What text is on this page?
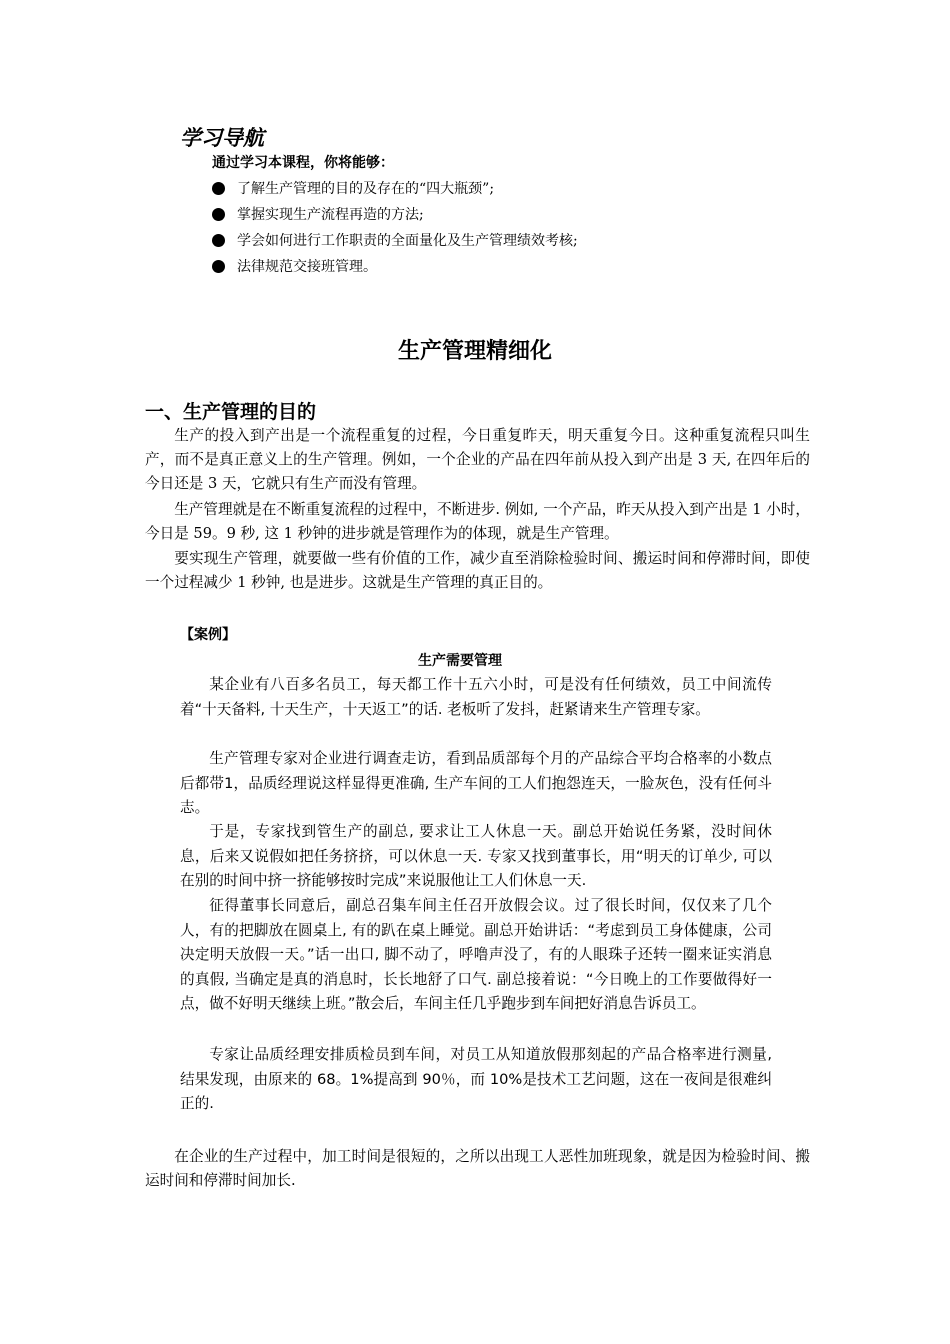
学习导航
通过学习本课程，你将能够：
了解生产管理的目的及存在的“四大瓶颈”;
掌握实现生产流程再造的方法;
学会如何进行工作职责的全面量化及生产管理绩效考核;
法律规范交接班管理。
生产管理精细化
一、生产管理的目的

生产的投入到产出是一个流程重复的过程，今日重复昨天，明天重复今日。这种重复流程只叫生产，而不是真正意义上的生产管理。例如，一个企业的产品在四年前从投入到产出是 3 天, 在四年后的今日还是 3 天，它就只有生产而没有管理。

生产管理就是在不断重复流程的过程中，不断进步. 例如, 一个产品，昨天从投入到产出是 1 小时，今日是 59。9 秒, 这 1 秒钟的进步就是管理作为的体现，就是生产管理。

要实现生产管理，就要做一些有价值的工作，减少直至消除检验时间、搬运时间和停滞时间，即使一个过程减少 1 秒钟, 也是进步。这就是生产管理的真正目的。

【案例】
生产需要管理

某企业有八百多名员工，每天都工作十五六小时，可是没有任何绩效，员工中间流传着“十天备料, 十天生产，十天返工”的话. 老板听了发抖，赶紧请来生产管理专家。

生产管理专家对企业进行调查走访，看到品质部每个月的产品综合平均合格率的小数点后都带1，品质经理说这样显得更准确, 生产车间的工人们抱怨连天，一脸灰色，没有任何斗志。

于是，专家找到管生产的副总, 要求让工人休息一天。副总开始说任务紧，没时间休息，后来又说假如把任务挤挤，可以休息一天. 专家又找到董事长，用“明天的订单少, 可以在别的时间中挤一挤能够按时完成”来说服他让工人们休息一天.

征得董事长同意后，副总召集车间主任召开放假会议。过了很长时间，仅仅来了几个人，有的把脚放在圆桌上, 有的趴在桌上睡觉。副总开始讲话：“考虑到员工身体健康，公司决定明天放假一天。”话一出口, 脚不动了，呼噜声没了，有的人眼珠子还转一圈来证实消息的真假, 当确定是真的消息时，长长地舒了口气. 副总接着说：“今日晚上的工作要做得好一点，做不好明天继续上班。”散会后，车间主任几乎跑步到车间把好消息告诉员工。

专家让品质经理安排质检员到车间，对员工从知道放假那刻起的产品合格率进行测量, 结果发现，由原来的 68。1%提高到 90％，而 10%是技术工艺问题，这在一夜间是很难纠正的.

在企业的生产过程中，加工时间是很短的，之所以出现工人恶性加班现象，就是因为检验时间、搬运时间和停滞时间加长.
